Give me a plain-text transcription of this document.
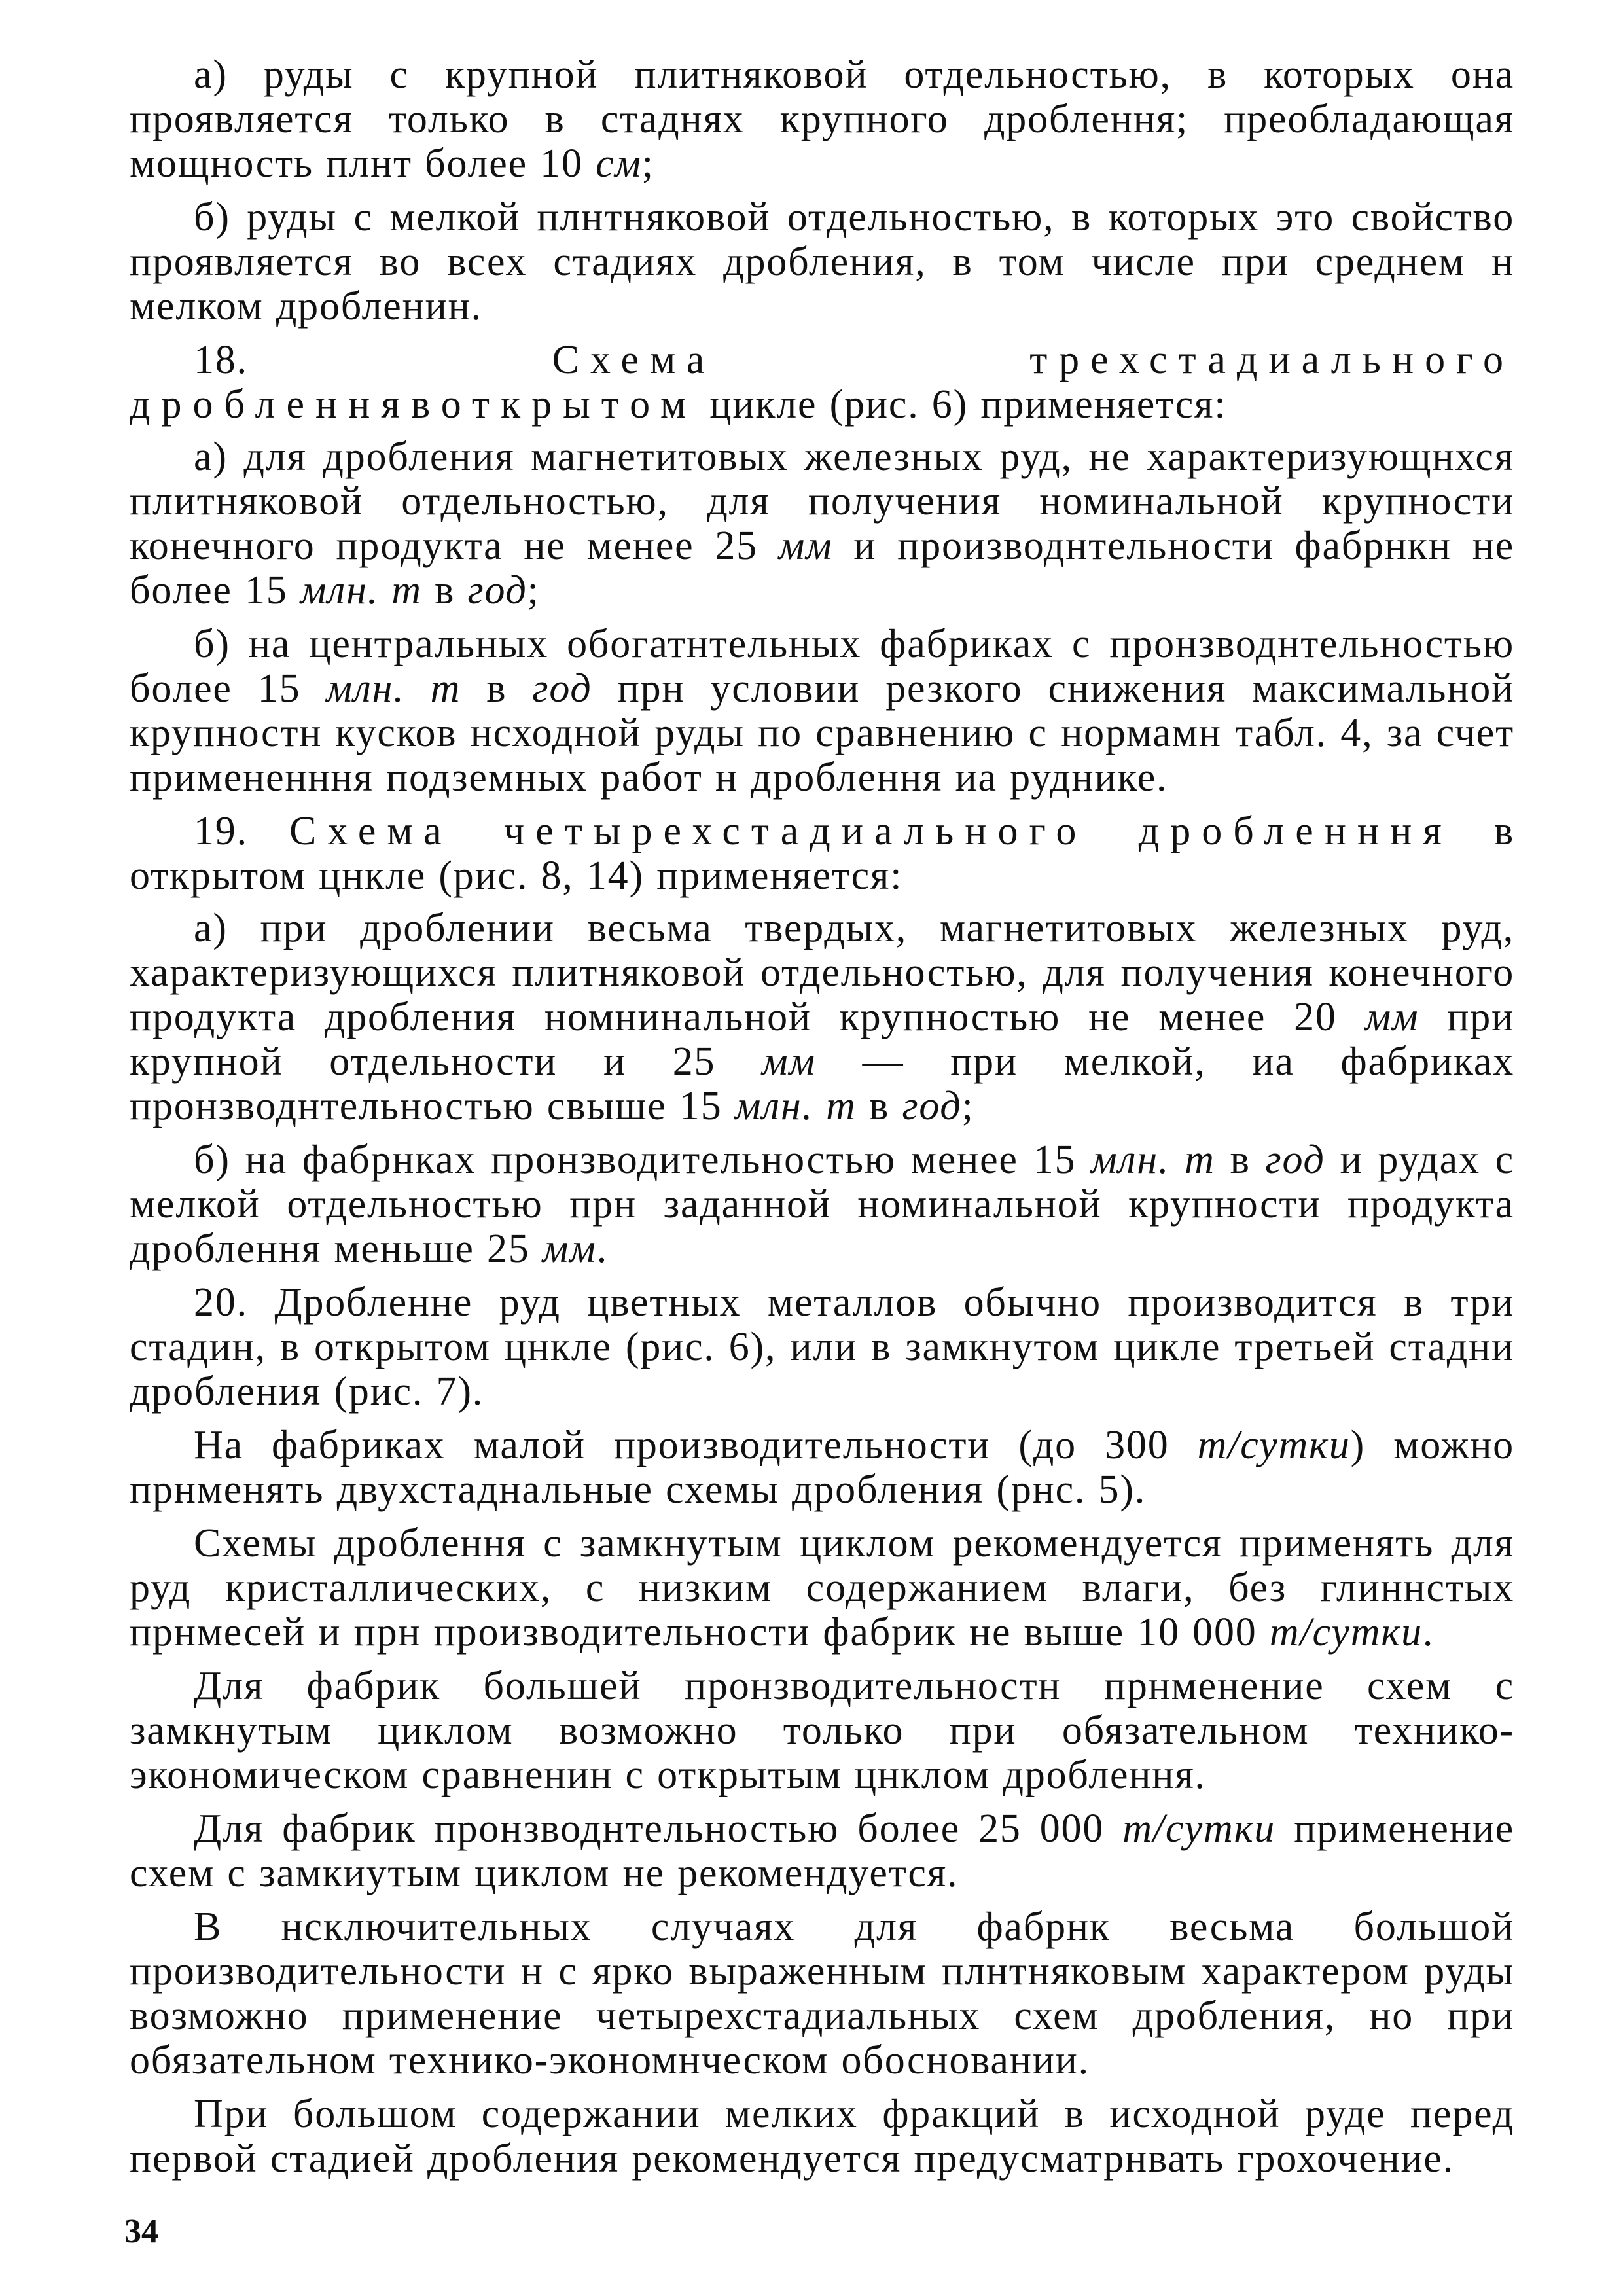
а) руды с крупной плитняковой отдельностью, в которых она проявляется только в стаднях крупного дроблення; преобладающая мощность плнт более 10 см;

б) руды с мелкой плнтняковой отдельностью, в которых это свойство проявляется во всех стадиях дробления, в том числе при среднем н мелком дробленин.

18. Схема трехстадиального дробленнявоткрытом цикле (рис. 6) применяется:

а) для дробления магнетитовых железных руд, не характеризующнхся плитняковой отдельностью, для получения номинальной крупности конечного продукта не менее 25 мм и производнтельности фабрнкн не более 15 млн. т в год;

б) на центральных обогатнтельных фабриках с пронзводнтельностью более 15 млн. т в год прн условии резкого снижения максимальной крупностн кусков нсходной руды по сравнению с нормамн табл. 4, за счет примененння подземных работ н дроблення иа руднике.

19. Схема четырехстадиального дробленння в открытом цнкле (рис. 8, 14) применяется:

а) при дроблении весьма твердых, магнетитовых железных руд, характеризующихся плитняковой отдельностью, для получения конечного продукта дробления номнинальной крупностью не менее 20 мм при крупной отдельности и 25 мм — при мелкой, иа фабриках пронзводнтельностью свыше 15 млн. т в год;

б) на фабрнках пронзводительностью менее 15 млн. т в год и рудах с мелкой отдельностью прн заданной номинальной крупности продукта дроблення меньше 25 мм.

20. Дробленне руд цветных металлов обычно производится в три стадин, в открытом цнкле (рис. 6), или в замкнутом цикле третьей стадни дробления (рис. 7).

На фабриках малой производительности (до 300 т/сутки) можно прнменять двухстаднальные схемы дробления (рнс. 5).

Схемы дроблення с замкнутым циклом рекомендуется применять для руд кристаллических, с низким содержанием влаги, без глиннстых прнмесей и прн производительности фабрик не выше 10 000 т/сутки.

Для фабрик большей пронзводительностн прнменение схем с замкнутым циклом возможно только при обязательном технико-экономическом сравненин с открытым цнклом дроблення.

Для фабрик пронзводнтельностью более 25 000 т/сутки применение схем с замкиутым циклом не рекомендуется.

В нсключительных случаях для фабрнк весьма большой производительности н с ярко выраженным плнтняковым характером руды возможно применение четырехстадиальных схем дробления, но при обязательном технико-экономнческом обосновании.

При большом содержании мелких фракций в исходной руде перед первой стадией дробления рекомендуется предусматрнвать грохочение.

34
